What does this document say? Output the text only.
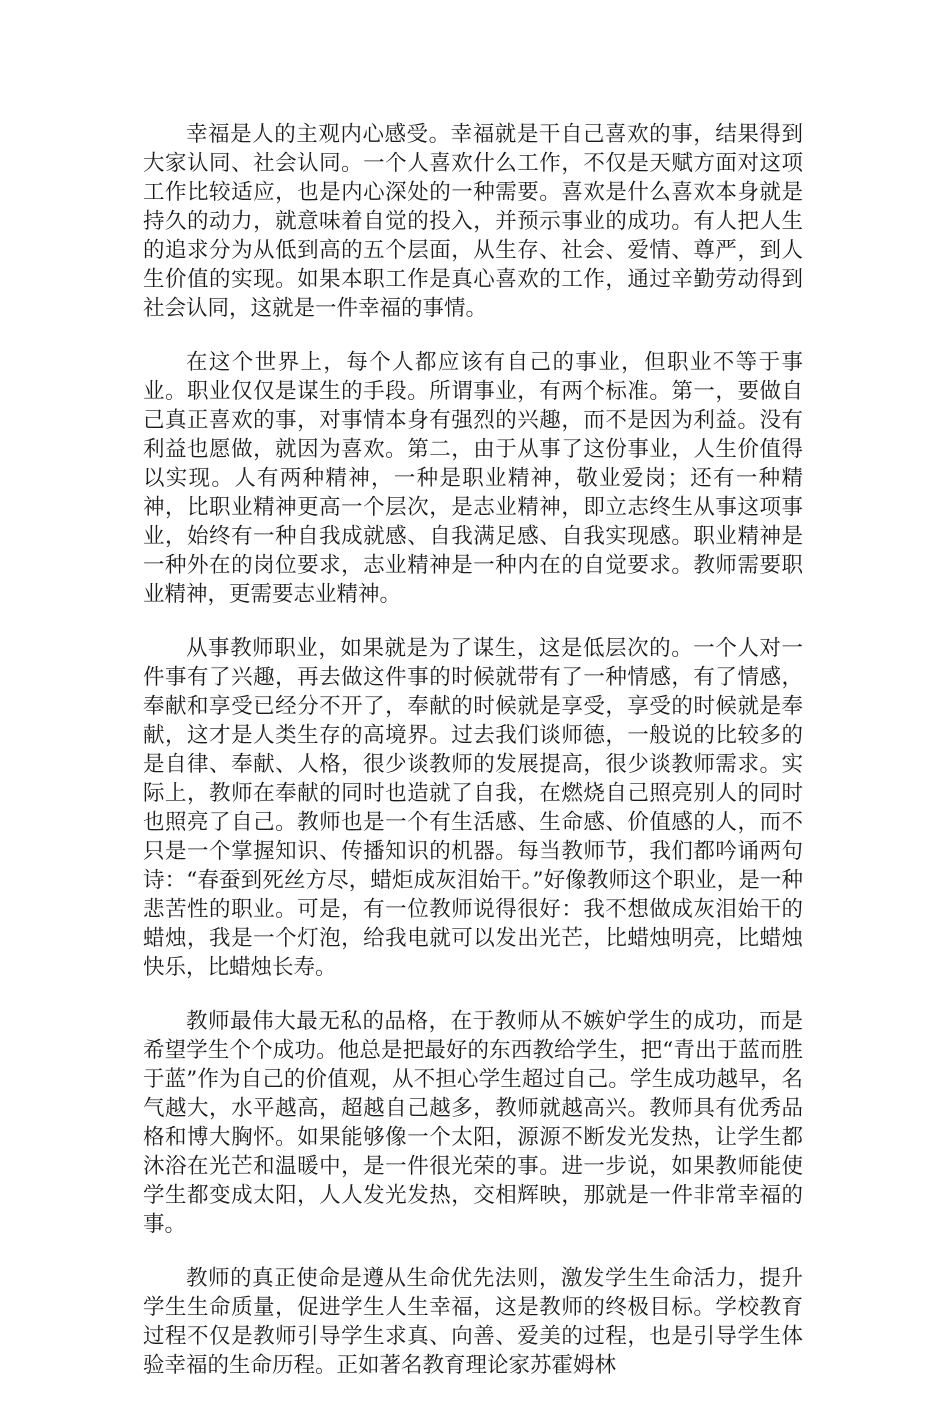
幸福是人的主观内心感受。幸福就是干自己喜欢的事，结果得到大家认同、社会认同。一个人喜欢什么工作，不仅是天赋方面对这项工作比较适应，也是内心深处的一种需要。喜欢是什么喜欢本身就是持久的动力，就意味着自觉的投入，并预示事业的成功。有人把人生的追求分为从低到高的五个层面，从生存、社会、爱情、尊严，到人生价值的实现。如果本职工作是真心喜欢的工作，通过辛勤劳动得到社会认同，这就是一件幸福的事情。

在这个世界上，每个人都应该有自己的事业，但职业不等于事业。职业仅仅是谋生的手段。所谓事业，有两个标准。第一，要做自己真正喜欢的事，对事情本身有强烈的兴趣，而不是因为利益。没有利益也愿做，就因为喜欢。第二，由于从事了这份事业，人生价值得以实现。人有两种精神，一种是职业精神，敬业爱岗；还有一种精神，比职业精神更高一个层次，是志业精神，即立志终生从事这项事业，始终有一种自我成就感、自我满足感、自我实现感。职业精神是一种外在的岗位要求，志业精神是一种内在的自觉要求。教师需要职业精神，更需要志业精神。

从事教师职业，如果就是为了谋生，这是低层次的。一个人对一件事有了兴趣，再去做这件事的时候就带有了一种情感，有了情感，奉献和享受已经分不开了，奉献的时候就是享受，享受的时候就是奉献，这才是人类生存的高境界。过去我们谈师德，一般说的比较多的是自律、奉献、人格，很少谈教师的发展提高，很少谈教师需求。实际上，教师在奉献的同时也造就了自我，在燃烧自己照亮别人的同时也照亮了自己。教师也是一个有生活感、生命感、价值感的人，而不只是一个掌握知识、传播知识的机器。每当教师节，我们都吟诵两句诗：“春蚕到死丝方尽，蜡炬成灰泪始干。”好像教师这个职业，是一种悲苦性的职业。可是，有一位教师说得很好：我不想做成灰泪始干的蜡烛，我是一个灯泡，给我电就可以发出光芒，比蜡烛明亮，比蜡烛快乐，比蜡烛长寿。

教师最伟大最无私的品格，在于教师从不嫉妒学生的成功，而是希望学生个个成功。他总是把最好的东西教给学生，把“青出于蓝而胜于蓝”作为自己的价值观，从不担心学生超过自己。学生成功越早，名气越大，水平越高，超越自己越多，教师就越高兴。教师具有优秀品格和博大胸怀。如果能够像一个太阳，源源不断发光发热，让学生都沐浴在光芒和温暖中，是一件很光荣的事。进一步说，如果教师能使学生都变成太阳，人人发光发热，交相辉映，那就是一件非常幸福的事。

教师的真正使命是遵从生命优先法则，激发学生生命活力，提升学生生命质量，促进学生人生幸福，这是教师的终极目标。学校教育过程不仅是教师引导学生求真、向善、爱美的过程，也是引导学生体验幸福的生命历程。正如著名教育理论家苏霍姆林
